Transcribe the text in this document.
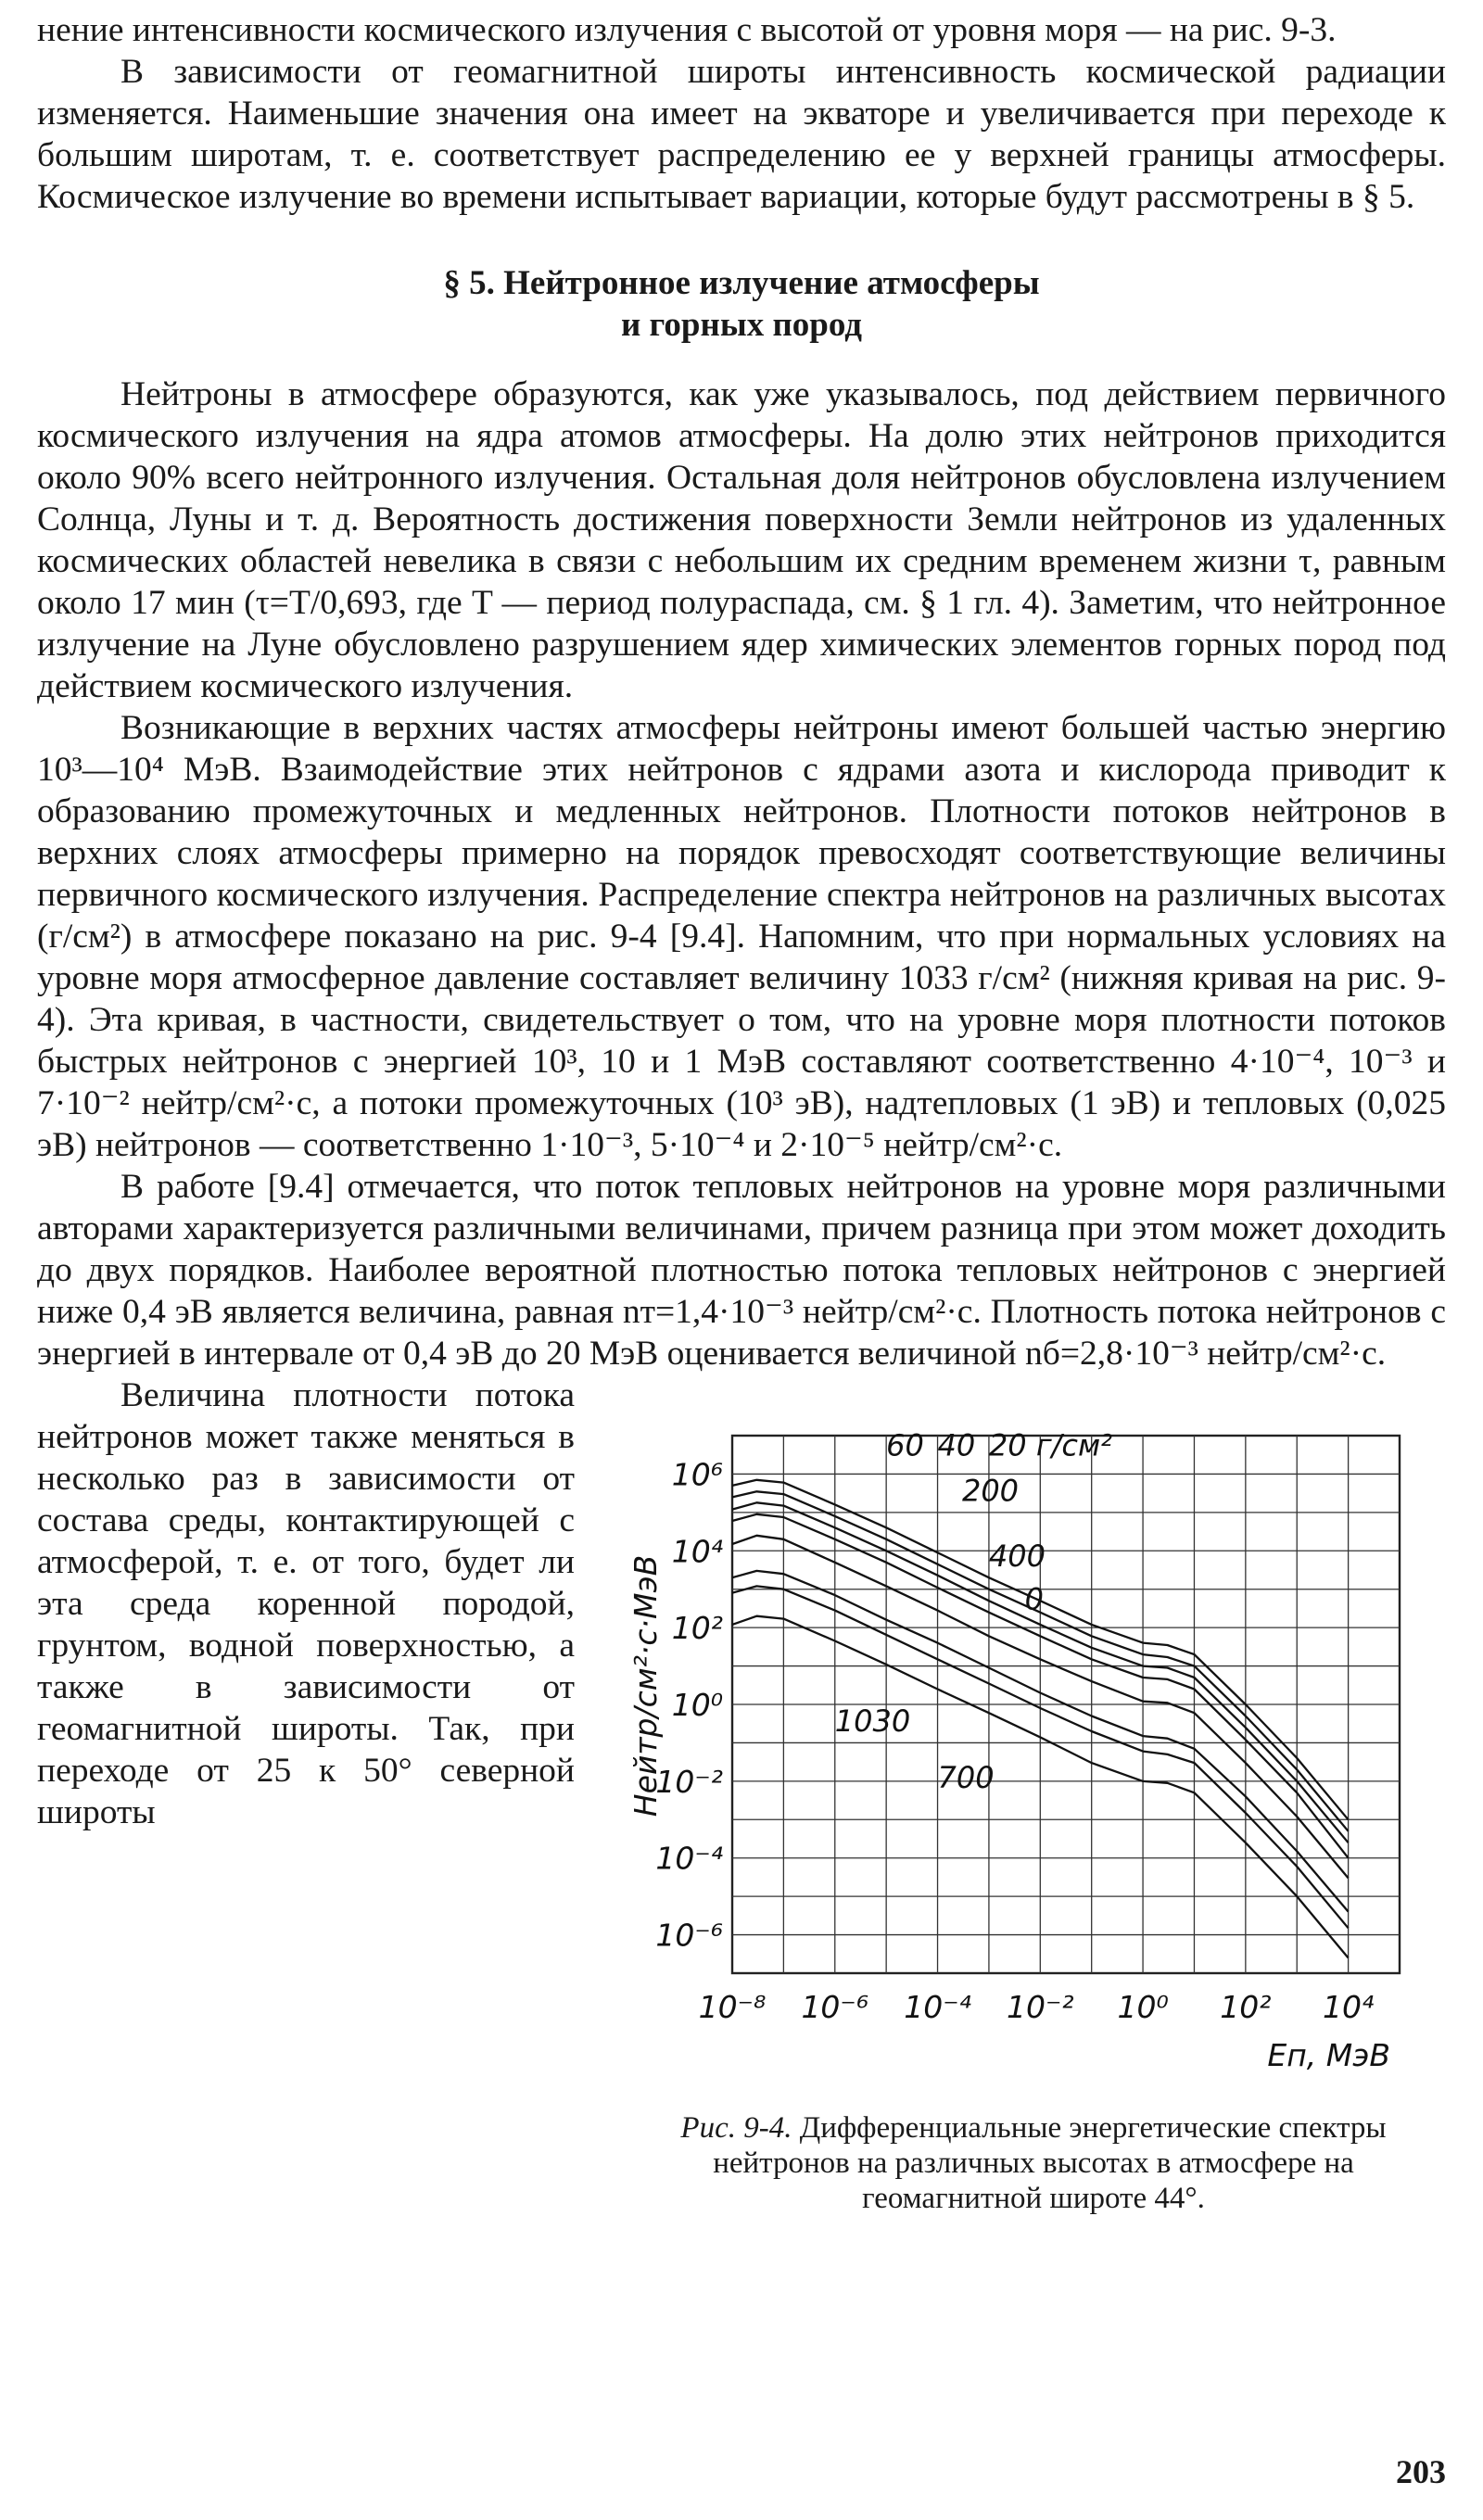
нение интенсивности космического излучения с высотой от уровня моря — на рис. 9-3.

В зависимости от геомагнитной широты интенсивность космической радиации изменяется. Наименьшие значения она имеет на экваторе и увеличивается при переходе к большим широтам, т. е. соответствует распределению ее у верхней границы атмосферы. Космическое излучение во времени испытывает вариации, которые будут рассмотрены в § 5.

§ 5. Нейтронное излучение атмосферы
и горных пород

Нейтроны в атмосфере образуются, как уже указывалось, под действием первичного космического излучения на ядра атомов атмосферы. На долю этих нейтронов приходится около 90% всего нейтронного излучения. Остальная доля нейтронов обусловлена излучением Солнца, Луны и т. д. Вероятность достижения поверхности Земли нейтронов из удаленных космических областей невелика в связи с небольшим их средним временем жизни τ, равным около 17 мин (τ=T/0,693, где T — период полураспада, см. § 1 гл. 4). Заметим, что нейтронное излучение на Луне обусловлено разрушением ядер химических элементов горных пород под действием космического излучения.

Возникающие в верхних частях атмосферы нейтроны имеют большей частью энергию 10³—10⁴ МэВ. Взаимодействие этих нейтронов с ядрами азота и кислорода приводит к образованию промежуточных и медленных нейтронов. Плотности потоков нейтронов в верхних слоях атмосферы примерно на порядок превосходят соответствующие величины первичного космического излучения. Распределение спектра нейтронов на различных высотах (г/см²) в атмосфере показано на рис. 9-4 [9.4]. Напомним, что при нормальных условиях на уровне моря атмосферное давление составляет величину 1033 г/см² (нижняя кривая на рис. 9-4). Эта кривая, в частности, свидетельствует о том, что на уровне моря плотности потоков быстрых нейтронов с энергией 10³, 10 и 1 МэВ составляют соответственно 4·10⁻⁴, 10⁻³ и 7·10⁻² нейтр/см²·с, а потоки промежуточных (10³ эВ), надтепловых (1 эВ) и тепловых (0,025 эВ) нейтронов — соответственно 1·10⁻³, 5·10⁻⁴ и 2·10⁻⁵ нейтр/см²·с.

В работе [9.4] отмечается, что поток тепловых нейтронов на уровне моря различными авторами характеризуется различными величинами, причем разница при этом может доходить до двух порядков. Наиболее вероятной плотностью потока тепловых нейтронов с энергией ниже 0,4 эВ является величина, равная nт=1,4·10⁻³ нейтр/см²·с. Плотность потока нейтронов с энергией в интервале от 0,4 эВ до 20 МэВ оценивается величиной nб=2,8·10⁻³ нейтр/см²·с.

10⁻⁸ 10⁻⁶ 10⁻⁴ 10⁻² 10⁰ 10² 10⁴
10⁶
10⁴
10²
10⁰
10⁻²
10⁻⁴
10⁻⁶
Eп, МэВ
Нейтр/см²·с·МэВ
60 40 20 г/см²
200
400
0
700
1030
Рис. 9-4. Дифференциальные энергетические спектры нейтронов на различных высотах в атмосфере на геомагнитной широте 44°.

Величина плотности потока нейтронов может также меняться в несколько раз в зависимости от состава среды, контактирующей с атмосферой, т. е. от того, будет ли эта среда коренной породой, грунтом, водной поверхностью, а также в зависимости от геомагнитной широты. Так, при переходе от 25 к 50° северной широты

203
